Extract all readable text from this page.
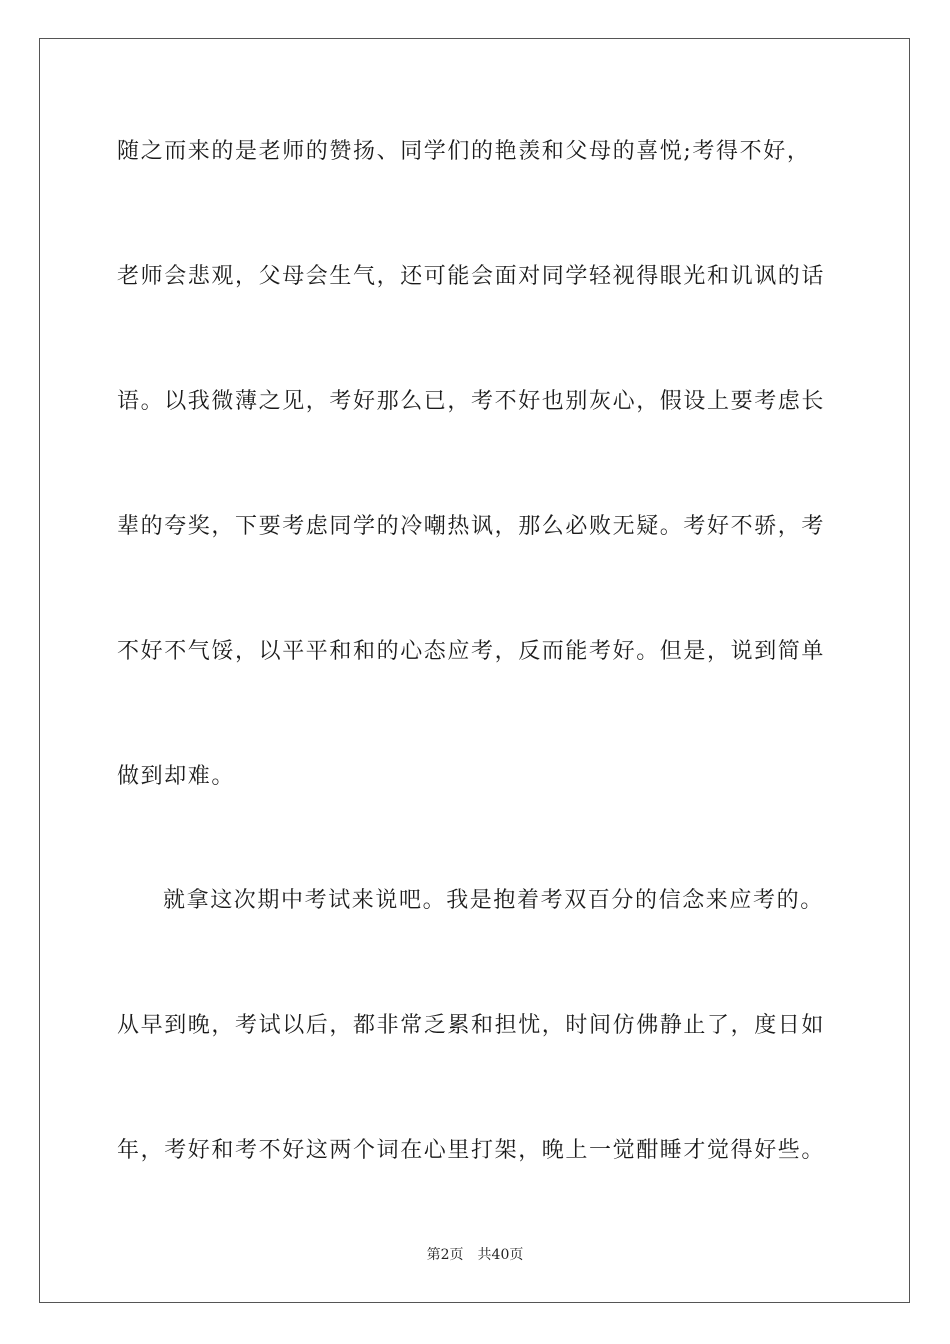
随之而来的是老师的赞扬、同学们的艳羡和父母的喜悦;考得不好，
老师会悲观，父母会生气，还可能会面对同学轻视得眼光和讥讽的话
语。以我微薄之见，考好那么已，考不好也别灰心，假设上要考虑长
辈的夸奖，下要考虑同学的冷嘲热讽，那么必败无疑。考好不骄，考
不好不气馁，以平平和和的心态应考，反而能考好。但是，说到简单
做到却难。
就拿这次期中考试来说吧。我是抱着考双百分的信念来应考的。
从早到晚，考试以后，都非常乏累和担忧，时间仿佛静止了，度日如
年，考好和考不好这两个词在心里打架，晚上一觉酣睡才觉得好些。
第2页 共40页
